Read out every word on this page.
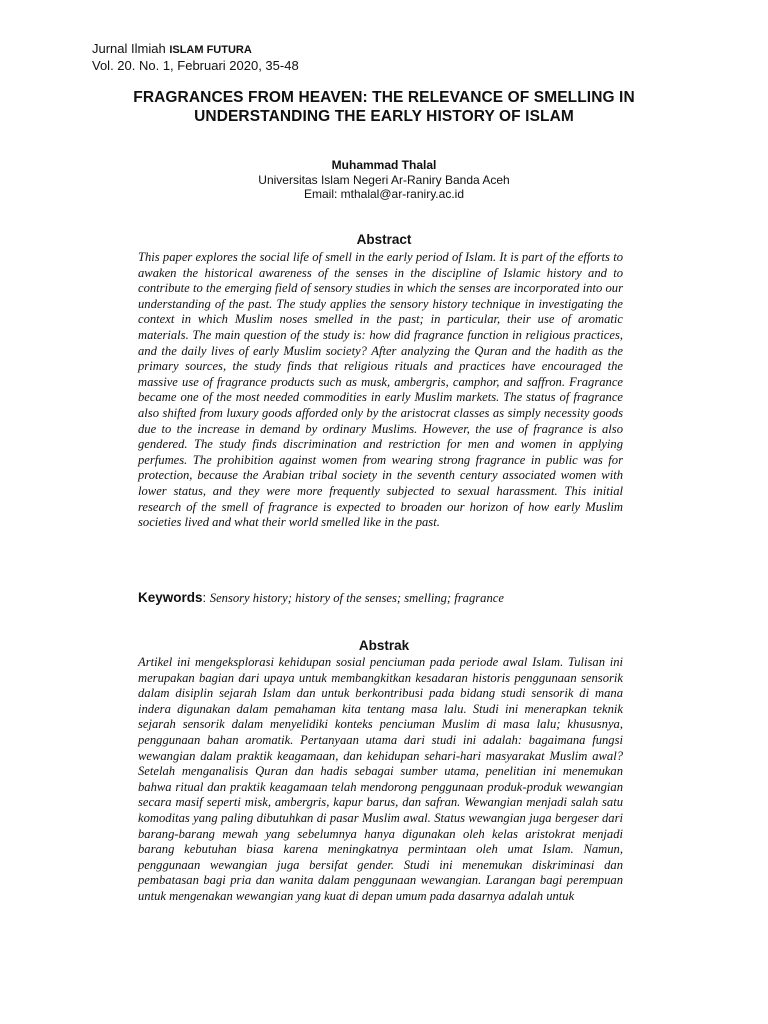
Jurnal Ilmiah ISLAM FUTURA
Vol. 20. No. 1, Februari 2020, 35-48
FRAGRANCES FROM HEAVEN: THE RELEVANCE OF SMELLING IN UNDERSTANDING THE EARLY HISTORY OF ISLAM
Muhammad Thalal
Universitas Islam Negeri Ar-Raniry Banda Aceh
Email: mthalal@ar-raniry.ac.id
Abstract
This paper explores the social life of smell in the early period of Islam. It is part of the efforts to awaken the historical awareness of the senses in the discipline of Islamic history and to contribute to the emerging field of sensory studies in which the senses are incorporated into our understanding of the past. The study applies the sensory history technique in investigating the context in which Muslim noses smelled in the past; in particular, their use of aromatic materials. The main question of the study is: how did fragrance function in religious practices, and the daily lives of early Muslim society? After analyzing the Quran and the hadith as the primary sources, the study finds that religious rituals and practices have encouraged the massive use of fragrance products such as musk, ambergris, camphor, and saffron. Fragrance became one of the most needed commodities in early Muslim markets. The status of fragrance also shifted from luxury goods afforded only by the aristocrat classes as simply necessity goods due to the increase in demand by ordinary Muslims. However, the use of fragrance is also gendered. The study finds discrimination and restriction for men and women in applying perfumes. The prohibition against women from wearing strong fragrance in public was for protection, because the Arabian tribal society in the seventh century associated women with lower status, and they were more frequently subjected to sexual harassment. This initial research of the smell of fragrance is expected to broaden our horizon of how early Muslim societies lived and what their world smelled like in the past.
Keywords: Sensory history; history of the senses; smelling; fragrance
Abstrak
Artikel ini mengeksplorasi kehidupan sosial penciuman pada periode awal Islam. Tulisan ini merupakan bagian dari upaya untuk membangkitkan kesadaran historis penggunaan sensorik dalam disiplin sejarah Islam dan untuk berkontribusi pada bidang studi sensorik di mana indera digunakan dalam pemahaman kita tentang masa lalu. Studi ini menerapkan teknik sejarah sensorik dalam menyelidiki konteks penciuman Muslim di masa lalu; khususnya, penggunaan bahan aromatik. Pertanyaan utama dari studi ini adalah: bagaimana fungsi wewangian dalam praktik keagamaan, dan kehidupan sehari-hari masyarakat Muslim awal? Setelah menganalisis Quran dan hadis sebagai sumber utama, penelitian ini menemukan bahwa ritual dan praktik keagamaan telah mendorong penggunaan produk-produk wewangian secara masif seperti misk, ambergris, kapur barus, dan safran. Wewangian menjadi salah satu komoditas yang paling dibutuhkan di pasar Muslim awal. Status wewangian juga bergeser dari barang-barang mewah yang sebelumnya hanya digunakan oleh kelas aristokrat menjadi barang kebutuhan biasa karena meningkatnya permintaan oleh umat Islam. Namun, penggunaan wewangian juga bersifat gender. Studi ini menemukan diskriminasi dan pembatasan bagi pria dan wanita dalam penggunaan wewangian. Larangan bagi perempuan untuk mengenakan wewangian yang kuat di depan umum pada dasarnya adalah untuk
